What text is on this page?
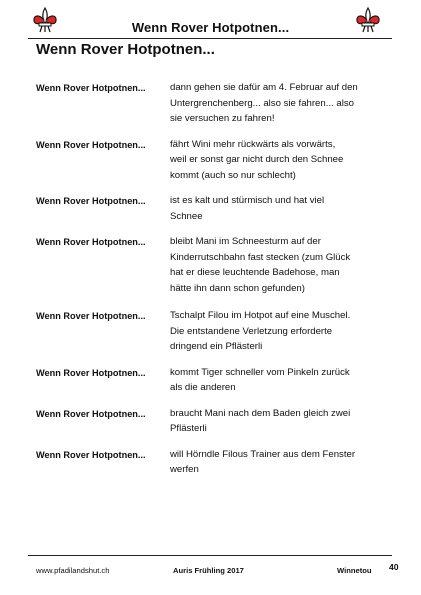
Wenn Rover Hotpotnen...
Wenn Rover Hotpotnen...
Wenn Rover Hotpotnen...	dann gehen sie dafür am 4. Februar auf den
Untergrenchenberg... also sie fahren... also
sie versuchen zu fahren!
Wenn Rover Hotpotnen...	fährt Wini mehr rückwärts als vorwärts,
weil er sonst gar nicht durch den Schnee
kommt (auch so nur schlecht)
Wenn Rover Hotpotnen...	ist es kalt und stürmisch und hat viel
Schnee
Wenn Rover Hotpotnen...	bleibt Mani im Schneesturm auf der
Kinderrutschbahn fast stecken (zum Glück
hat er diese leuchtende Badehose, man
hätte ihn dann schon gefunden)
Wenn Rover Hotpotnen...	Tschalpt Filou im Hotpot auf eine Muschel.
Die entstandene Verletzung erforderte
dringend ein Pflästerli
Wenn Rover Hotpotnen...	kommt Tiger schneller vom Pinkeln zurück
als die anderen
Wenn Rover Hotpotnen...	braucht Mani nach dem Baden gleich zwei
Pflästerli
Wenn Rover Hotpotnen...	will Hörndle Filous Trainer aus dem Fenster
werfen
www.pfadilandshut.ch	Auris Frühling 2017	Winnetou 40
